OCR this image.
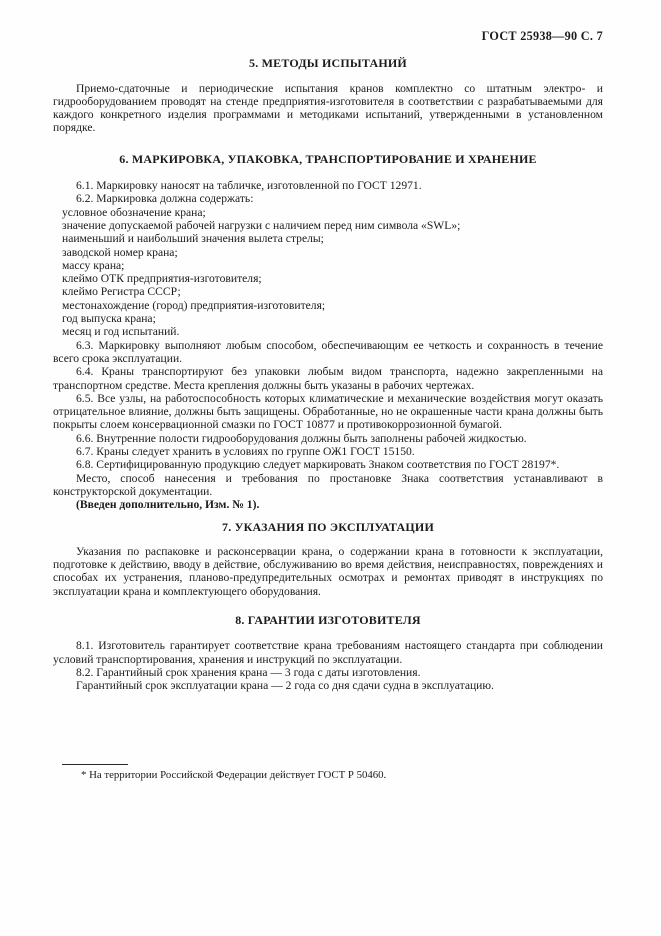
ГОСТ 25938—90 С. 7

5. МЕТОДЫ ИСПЫТАНИЙ

Приемо-сдаточные и периодические испытания кранов комплектно со штатным электро- и гидрооборудованием проводят на стенде предприятия-изготовителя в соответствии с разрабатываемыми для каждого конкретного изделия программами и методиками испытаний, утвержденными в установленном порядке.

6. МАРКИРОВКА, УПАКОВКА, ТРАНСПОРТИРОВАНИЕ И ХРАНЕНИЕ

6.1. Маркировку наносят на табличке, изготовленной по ГОСТ 12971.

6.2. Маркировка должна содержать:

условное обозначение крана;
значение допускаемой рабочей нагрузки с наличием перед ним символа «SWL»;
наименьший и наибольший значения вылета стрелы;
заводской номер крана;
массу крана;
клеймо ОТК предприятия-изготовителя;
клеймо Регистра СССР;
местонахождение (город) предприятия-изготовителя;
год выпуска крана;
месяц и год испытаний.

6.3. Маркировку выполняют любым способом, обеспечивающим ее четкость и сохранность в течение всего срока эксплуатации.

6.4. Краны транспортируют без упаковки любым видом транспорта, надежно закрепленными на транспортном средстве. Места крепления должны быть указаны в рабочих чертежах.

6.5. Все узлы, на работоспособность которых климатические и механические воздействия могут оказать отрицательное влияние, должны быть защищены. Обработанные, но не окрашенные части крана должны быть покрыты слоем консервационной смазки по ГОСТ 10877 и противокоррозионной бумагой.

6.6. Внутренние полости гидрооборудования должны быть заполнены рабочей жидкостью.

6.7. Краны следует хранить в условиях по группе ОЖ1 ГОСТ 15150.

6.8. Сертифицированную продукцию следует маркировать Знаком соответствия по ГОСТ 28197*.

Место, способ нанесения и требования по простановке Знака соответствия устанавливают в конструкторской документации.

(Введен дополнительно, Изм. № 1).

7. УКАЗАНИЯ ПО ЭКСПЛУАТАЦИИ

Указания по распаковке и расконсервации крана, о содержании крана в готовности к эксплуатации, подготовке к действию, вводу в действие, обслуживанию во время действия, неисправностях, повреждениях и способах их устранения, планово-предупредительных осмотрах и ремонтах приводят в инструкциях по эксплуатации крана и комплектующего оборудования.

8. ГАРАНТИИ ИЗГОТОВИТЕЛЯ

8.1. Изготовитель гарантирует соответствие крана требованиям настоящего стандарта при соблюдении условий транспортирования, хранения и инструкций по эксплуатации.

8.2. Гарантийный срок хранения крана — 3 года с даты изготовления.

Гарантийный срок эксплуатации крана — 2 года со дня сдачи судна в эксплуатацию.

* На территории Российской Федерации действует ГОСТ Р 50460.
